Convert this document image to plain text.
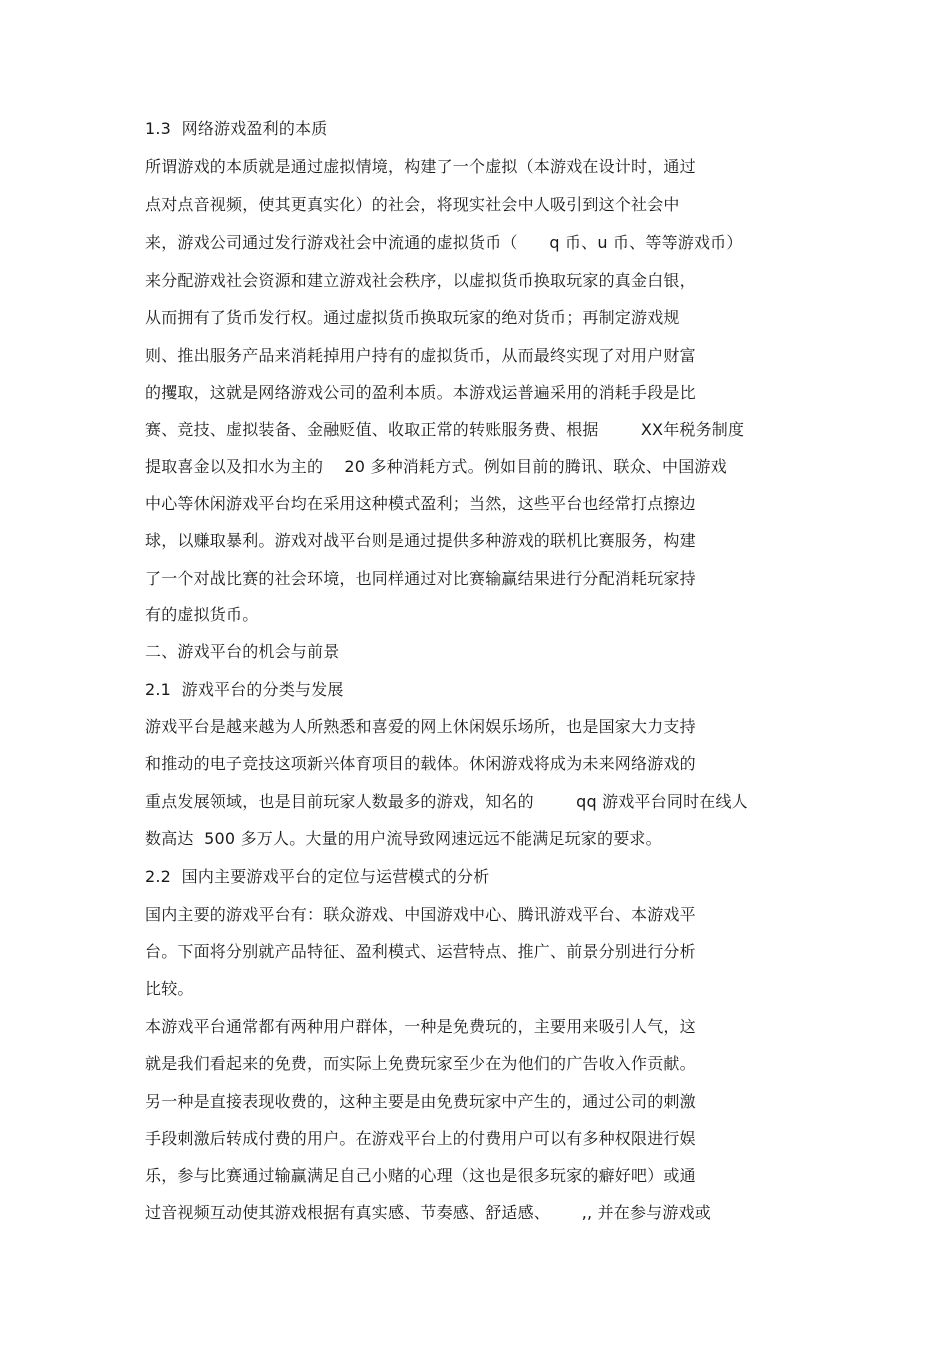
1.3  网络游戏盈利的本质
所谓游戏的本质就是通过虚拟情境，构建了一个虚拟（本游戏在设计时，通过
点对点音视频，使其更真实化）的社会，将现实社会中人吸引到这个社会中
来，游戏公司通过发行游戏社会中流通的虚拟货币（      q 币、u 币、等等游戏币）
来分配游戏社会资源和建立游戏社会秩序，以虚拟货币换取玩家的真金白银，
从而拥有了货币发行权。通过虚拟货币换取玩家的绝对货币；再制定游戏规
则、推出服务产品来消耗掉用户持有的虚拟货币，从而最终实现了对用户财富
的攫取，这就是网络游戏公司的盈利本质。本游戏运普遍采用的消耗手段是比
赛、竞技、虚拟装备、金融贬值、收取正常的转账服务费、根据        XX年税务制度
提取喜金以及扣水为主的    20 多种消耗方式。例如目前的腾讯、联众、中国游戏
中心等休闲游戏平台均在采用这种模式盈利；当然，这些平台也经常打点擦边
球，以赚取暴利。游戏对战平台则是通过提供多种游戏的联机比赛服务，构建
了一个对战比赛的社会环境，也同样通过对比赛输赢结果进行分配消耗玩家持
有的虚拟货币。
二、游戏平台的机会与前景
2.1  游戏平台的分类与发展
游戏平台是越来越为人所熟悉和喜爱的网上休闲娱乐场所，也是国家大力支持
和推动的电子竞技这项新兴体育项目的载体。休闲游戏将成为未来网络游戏的
重点发展领域，也是目前玩家人数最多的游戏，知名的        qq 游戏平台同时在线人
数高达  500 多万人。大量的用户流导致网速远远不能满足玩家的要求。
2.2  国内主要游戏平台的定位与运营模式的分析
国内主要的游戏平台有：联众游戏、中国游戏中心、腾讯游戏平台、本游戏平
台。下面将分别就产品特征、盈利模式、运营特点、推广、前景分别进行分析
比较。
本游戏平台通常都有两种用户群体，一种是免费玩的，主要用来吸引人气，这
就是我们看起来的免费，而实际上免费玩家至少在为他们的广告收入作贡献。
另一种是直接表现收费的，这种主要是由免费玩家中产生的，通过公司的刺激
手段刺激后转成付费的用户。在游戏平台上的付费用户可以有多种权限进行娱
乐，参与比赛通过输赢满足自己小赌的心理（这也是很多玩家的癖好吧）或通
过音视频互动使其游戏根据有真实感、节奏感、舒适感、      ,, 并在参与游戏或
